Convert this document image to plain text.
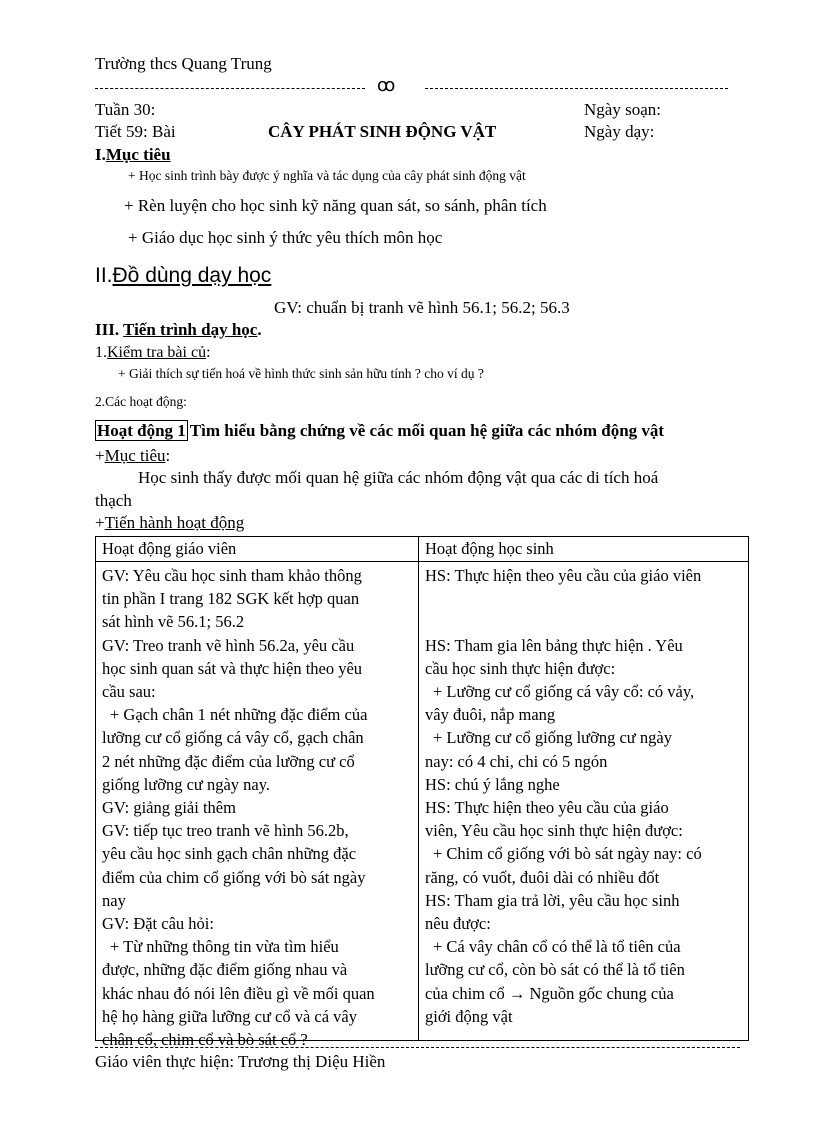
Trường thcs Quang Trung
ꝏ
Tuần 30:	Ngày soạn:
Tiết 59: Bài	CÂY PHÁT SINH ĐỘNG VẬT	Ngày dạy:
I.Mục tiêu
+ Học sinh trình bày được ý nghĩa và tác dụng của cây phát sinh động vật
+ Rèn luyện cho học sinh kỹ năng quan sát, so sánh, phân tích
+ Giáo dục học sinh ý thức yêu thích môn học
II.Đồ dùng dạy học
GV: chuẩn bị tranh vẽ hình 56.1; 56.2; 56.3
III. Tiến trình dạy học.
1.Kiểm tra bài củ:
+ Giải thích sự tiến hoá về hình thức sinh sản hữu tính ? cho ví dụ ?
2.Các hoạt động:
Hoạt động 1 Tìm hiểu bằng chứng về các mối quan hệ giữa các nhóm động vật
+Mục tiêu:
Học sinh thấy được mối quan hệ giữa các nhóm động vật qua các di tích hoá
thạch
+Tiến hành hoạt động
Hoạt động giáo viên	Hoạt động học sinh
GV: Yêu cầu học sinh tham khảo thông
tin phần I trang 182 SGK kết hợp quan
sát hình vẽ 56.1; 56.2
GV: Treo tranh vẽ hình 56.2a, yêu cầu
học sinh quan sát và thực hiện theo yêu
cầu sau:
+ Gạch chân 1 nét những đặc điểm của
lưỡng cư cổ giống cá vây cổ, gạch chân
2 nét những đặc điểm của lưỡng cư cổ
giống lưỡng cư ngày nay.
GV: giảng giải thêm
GV: tiếp tục treo tranh vẽ hình 56.2b,
yêu cầu học sinh gạch chân những đặc
điểm của chim cổ giống với bò sát ngày
nay
GV: Đặt câu hỏi:
+ Từ những thông tin vừa tìm hiểu
được, những đặc điểm giống nhau và
khác nhau đó nói lên điều gì về mối quan
hệ họ hàng giữa lưỡng cư cổ và cá vây
chân cổ, chim cổ và bò sát cổ ?
HS: Thực hiện theo yêu cầu của giáo viên
HS: Tham gia lên bảng thực hiện . Yêu
cầu học sinh thực hiện được:
+ Lưỡng cư cổ giống cá vây cổ: có vảy,
vây đuôi, nắp mang
+ Lưỡng cư cổ giống lưỡng cư ngày
nay: có 4 chi, chi có 5 ngón
HS: chú ý lắng nghe
HS: Thực hiện theo yêu cầu của giáo
viên, Yêu cầu học sinh thực hiện được:
+ Chim cổ giống với bò sát ngày nay: có
răng, có vuốt, đuôi dài có nhiều đốt
HS: Tham gia trả lời, yêu cầu học sinh
nêu được:
+ Cá vây chân cổ có thể là tổ tiên của
lưỡng cư cổ, còn bò sát có thể là tổ tiên
của chim cổ → Nguồn gốc chung của
giới động vật
Giáo viên thực hiện: Trương thị Diệu Hiền
